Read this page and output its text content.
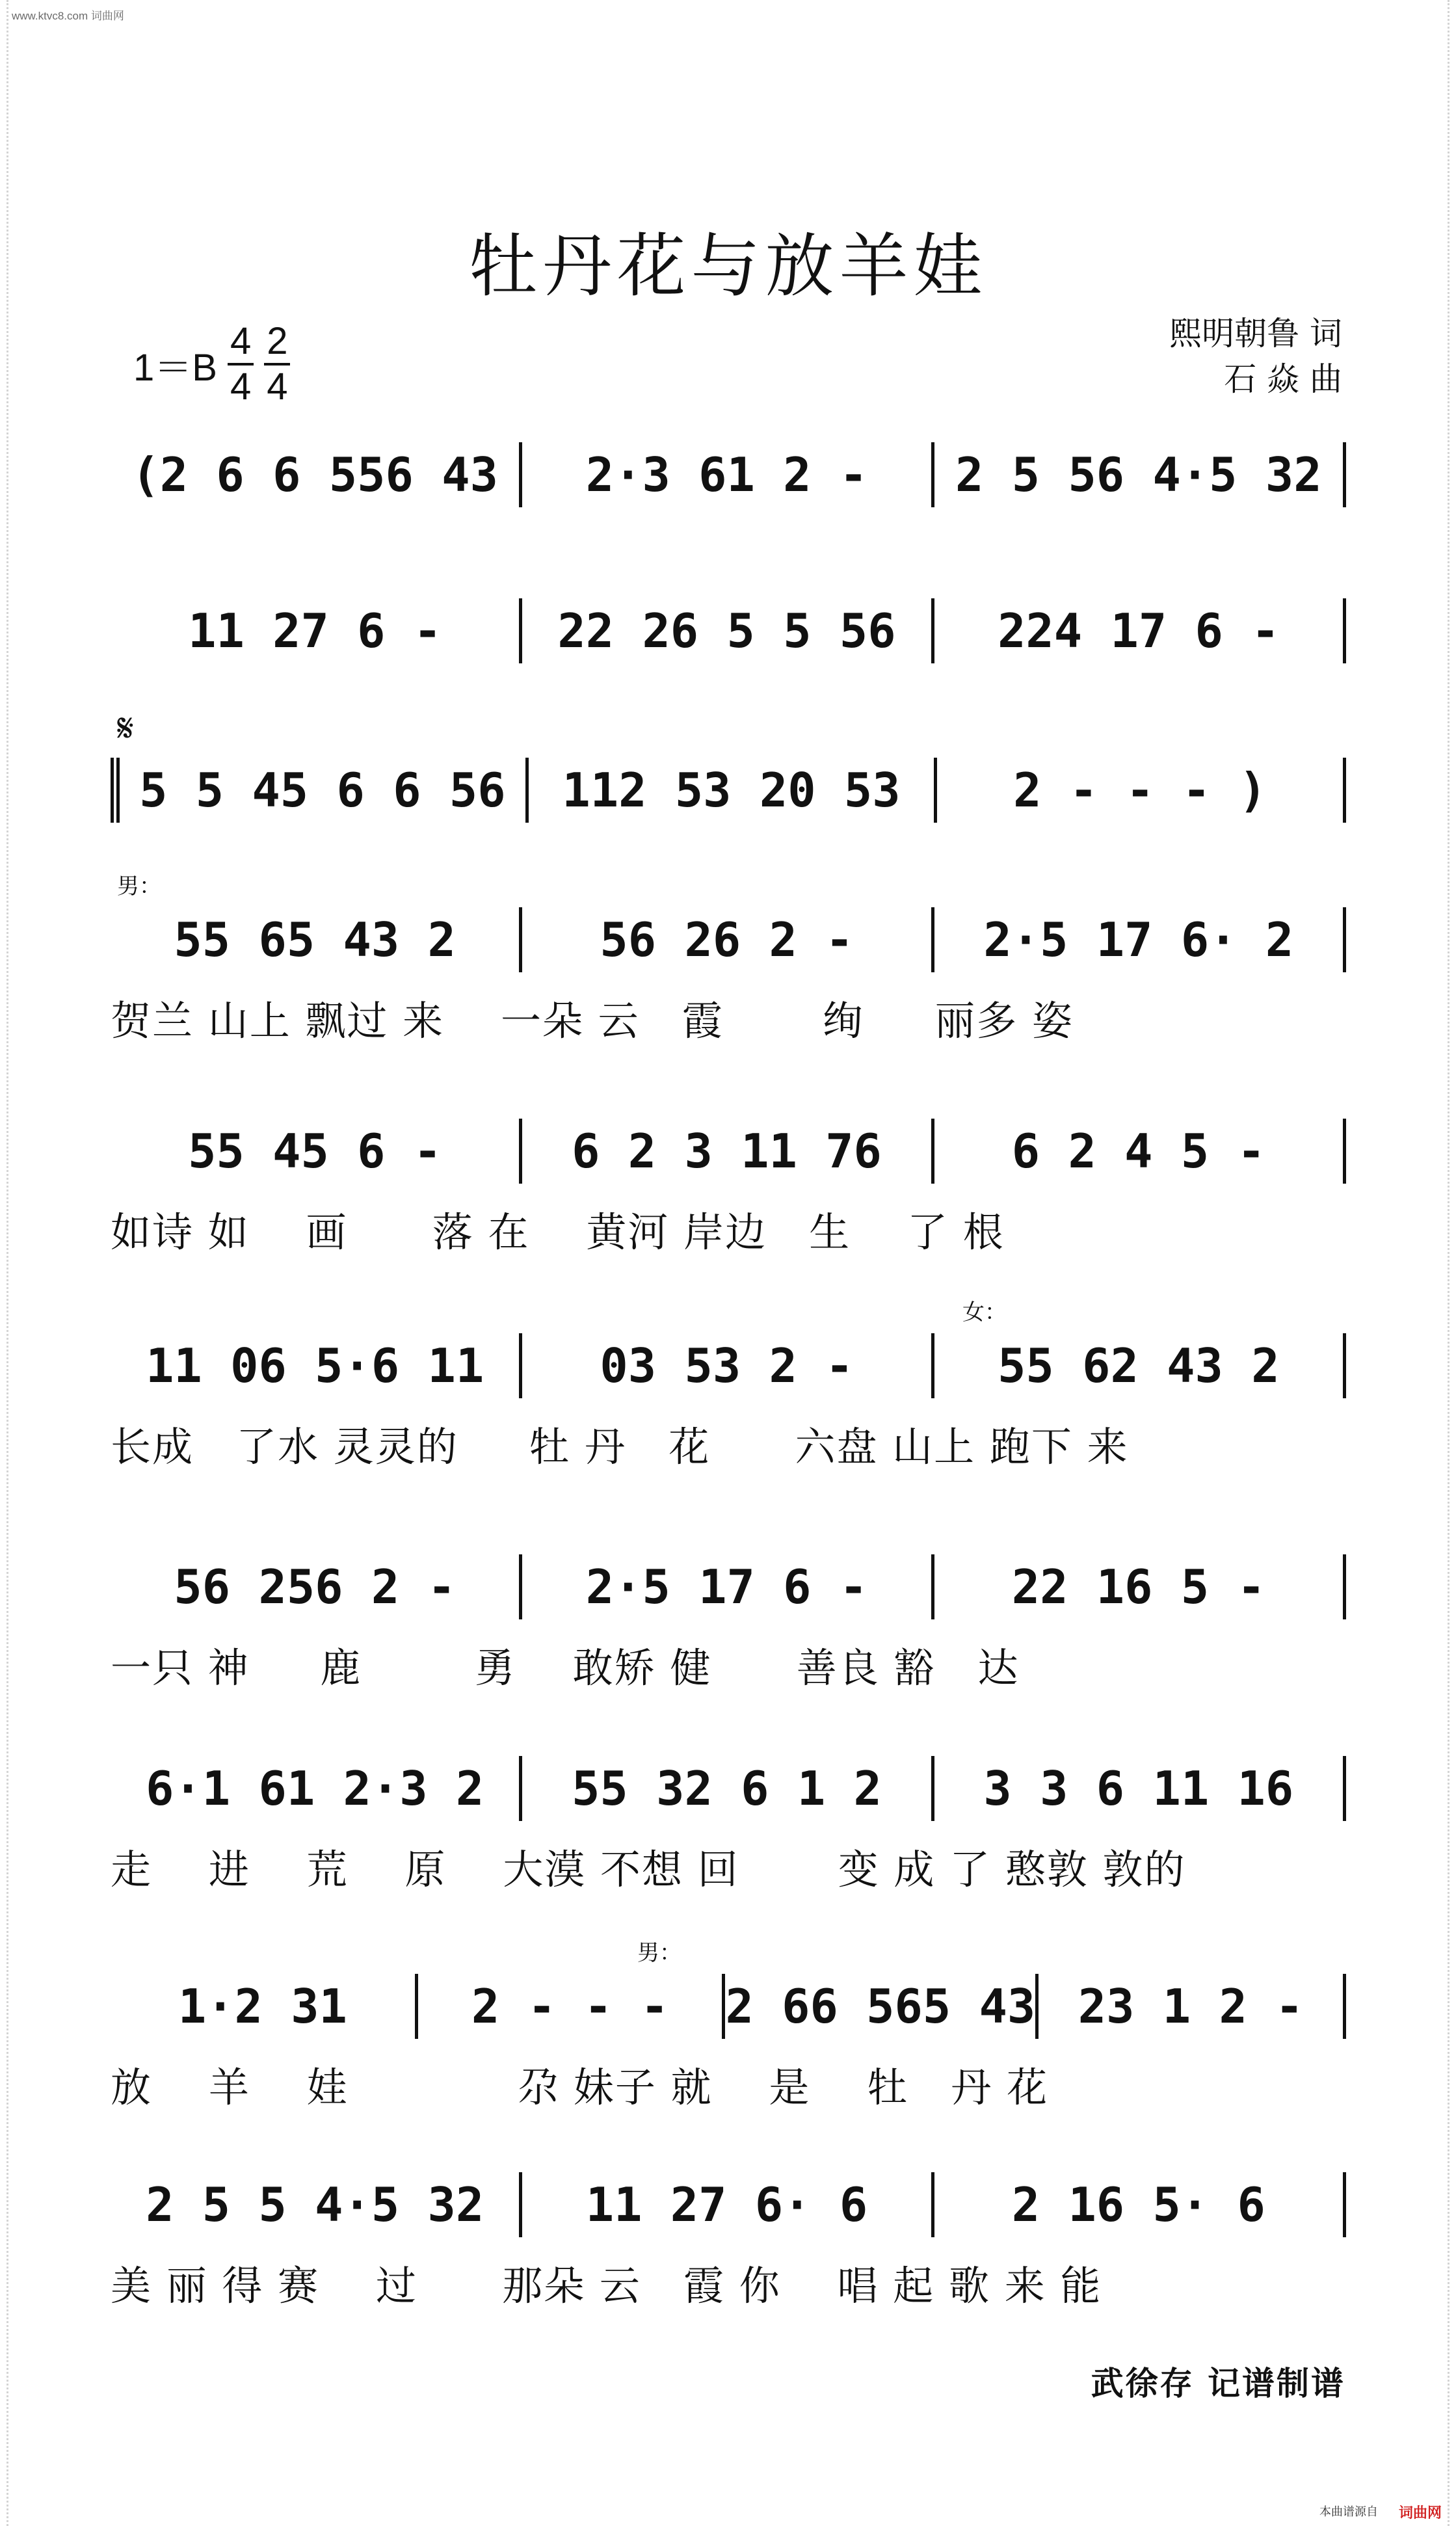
www.ktvc8.com 词曲网
牡丹花与放羊娃
$1=B \frac{4}{4} \frac{2}{4}$	熙明朝鲁 词
石 焱 曲
(2 6 6 556 43	2·3 61 2 -	2 5 56 4·5 32
11 27 6 -	22 26 5 5 56	224 17 6 -
𝄋
5 5 45 6 6 56	112 53 20 53	2 - - - )
男：
55 65 43 2	56 26 2 -	2·5 17 6· 2
贺兰 山上 飘过 来    一朵 云   霞       绚     丽多 姿
55 45 6 -	6 2 3 11 76	6 2 4 5 -
如诗 如    画      落 在    黄河 岸边   生    了 根
女：
11 06 5·6 11	03 53 2 -	55 62 43 2
长成   了水 灵灵的     牡 丹   花      六盘 山上 跑下 来
56 256 2 -	2·5 17 6 -	22 16 5 -
一只 神     鹿        勇    敢矫 健      善良 豁   达
6·1 61 2·3 2	55 32 6 1 2	3 3 6 11 16
走    进    荒    原    大漠 不想 回       变 成 了 憨敦 敦的
男：
1·2 31	2 - - -	2 66 565 43 23 1 2 -
放    羊    娃            尕 妹子 就    是    牡   丹 花
2 5 5 4·5 32	11 27 6· 6	2 16 5· 6
美 丽 得 赛    过      那朵 云   霞 你    唱 起 歌 来 能
武徐存 记谱制谱
本曲谱源自 词曲网
